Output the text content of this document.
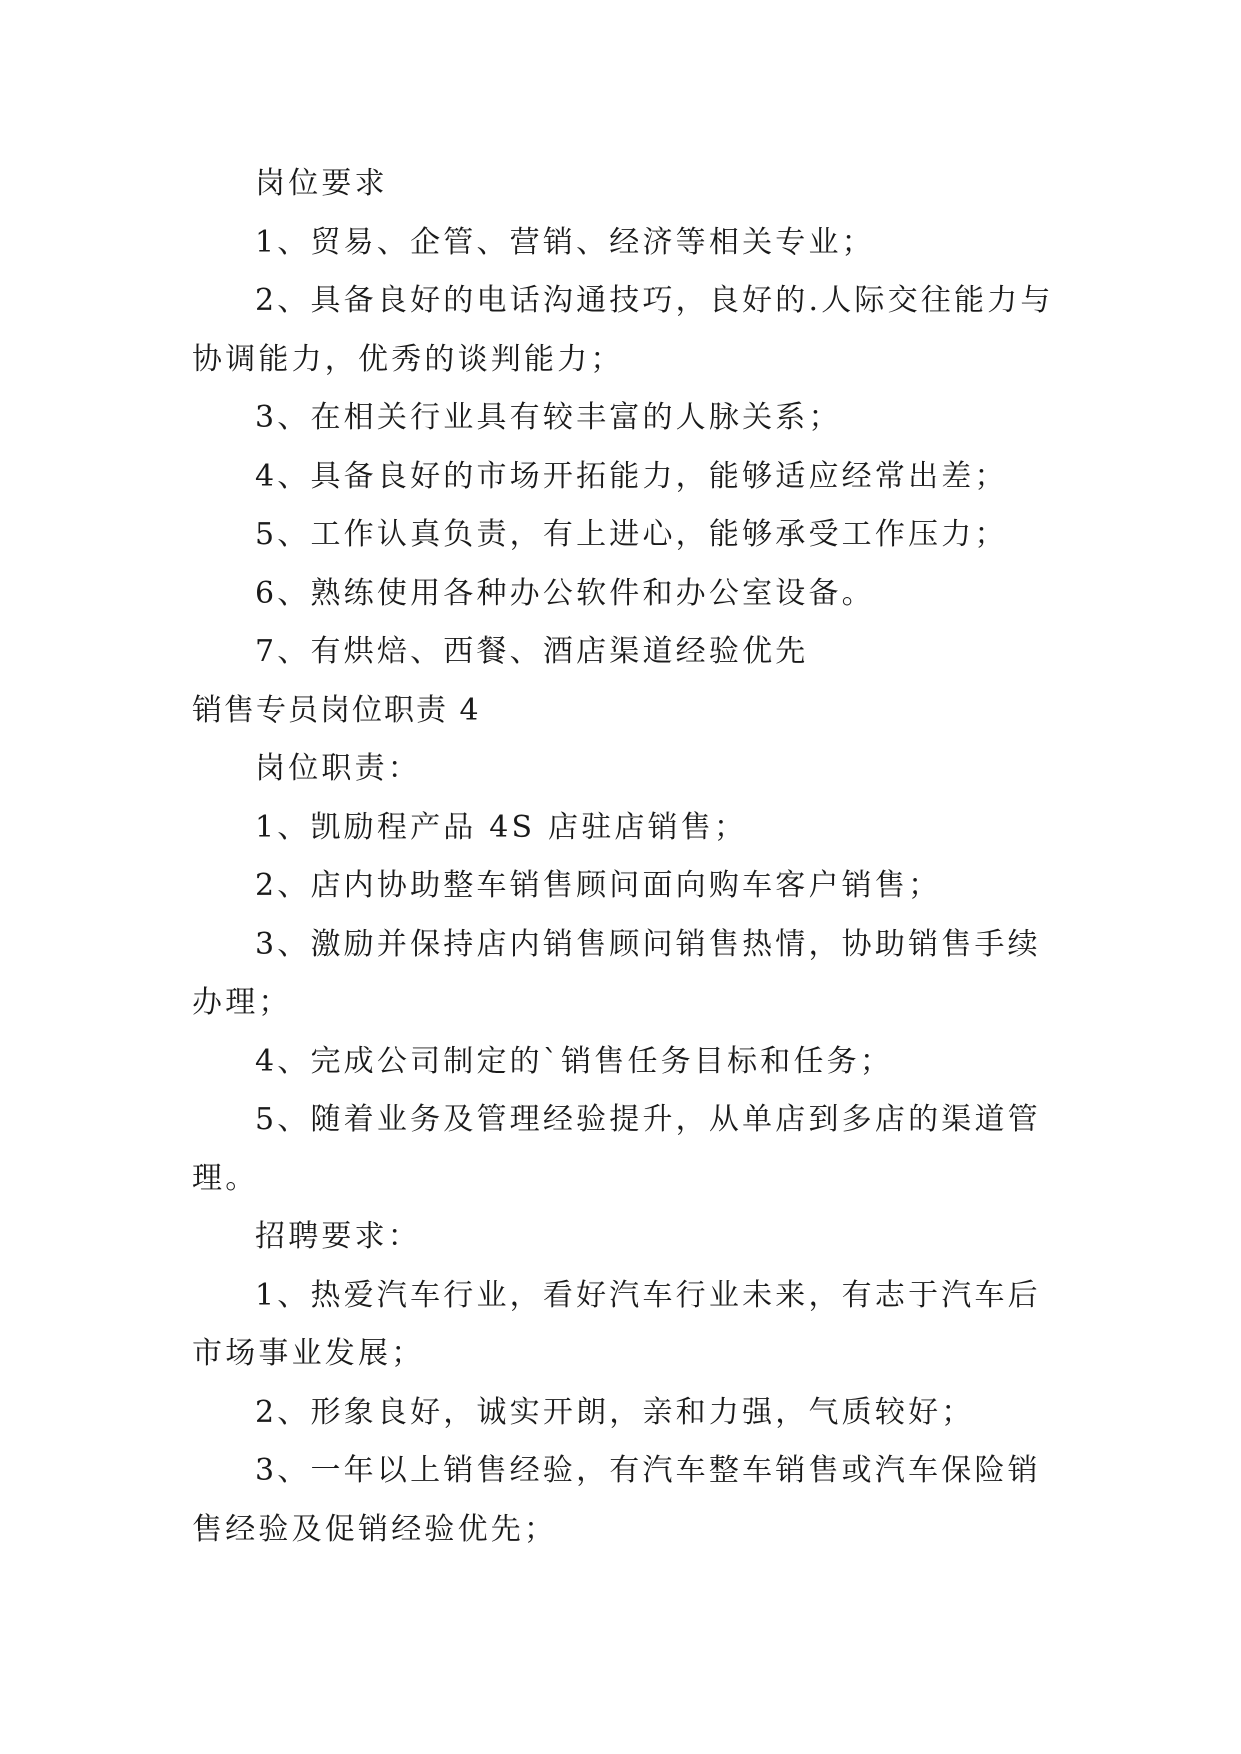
岗位要求
1、贸易、企管、营销、经济等相关专业；
2、具备良好的电话沟通技巧，良好的.人际交往能力与
协调能力，优秀的谈判能力；
3、在相关行业具有较丰富的人脉关系；
4、具备良好的市场开拓能力，能够适应经常出差；
5、工作认真负责，有上进心，能够承受工作压力；
6、熟练使用各种办公软件和办公室设备。
7、有烘焙、西餐、酒店渠道经验优先
销售专员岗位职责 4
岗位职责：
1、凯励程产品 4S 店驻店销售；
2、店内协助整车销售顾问面向购车客户销售；
3、激励并保持店内销售顾问销售热情，协助销售手续
办理；
4、完成公司制定的`销售任务目标和任务；
5、随着业务及管理经验提升，从单店到多店的渠道管
理。
招聘要求：
1、热爱汽车行业，看好汽车行业未来，有志于汽车后
市场事业发展；
2、形象良好，诚实开朗，亲和力强，气质较好；
3、一年以上销售经验，有汽车整车销售或汽车保险销
售经验及促销经验优先；
